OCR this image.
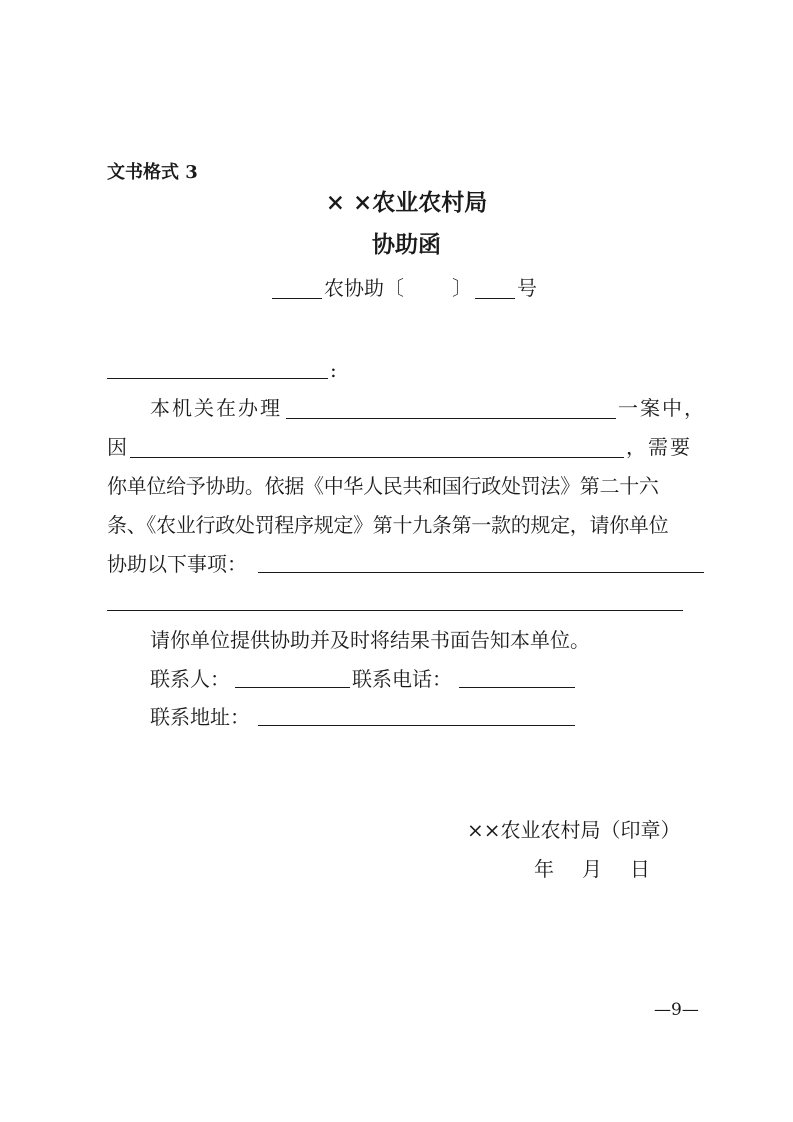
文书格式 3
× ×农业农村局
协助函
农协助〔 〕 号
:
本机关在办理	一案中，
因	，需要
你单位给予协助。依据《中华人民共和国行政处罚法》第二十六
条、《农业行政处罚程序规定》第十九条第一款的规定，请你单位
协助以下事项：
请你单位提供协助并及时将结果书面告知本单位。
联系人：	联系电话：
联系地址：
××农业农村局（印章）
年　月　日
—9—
